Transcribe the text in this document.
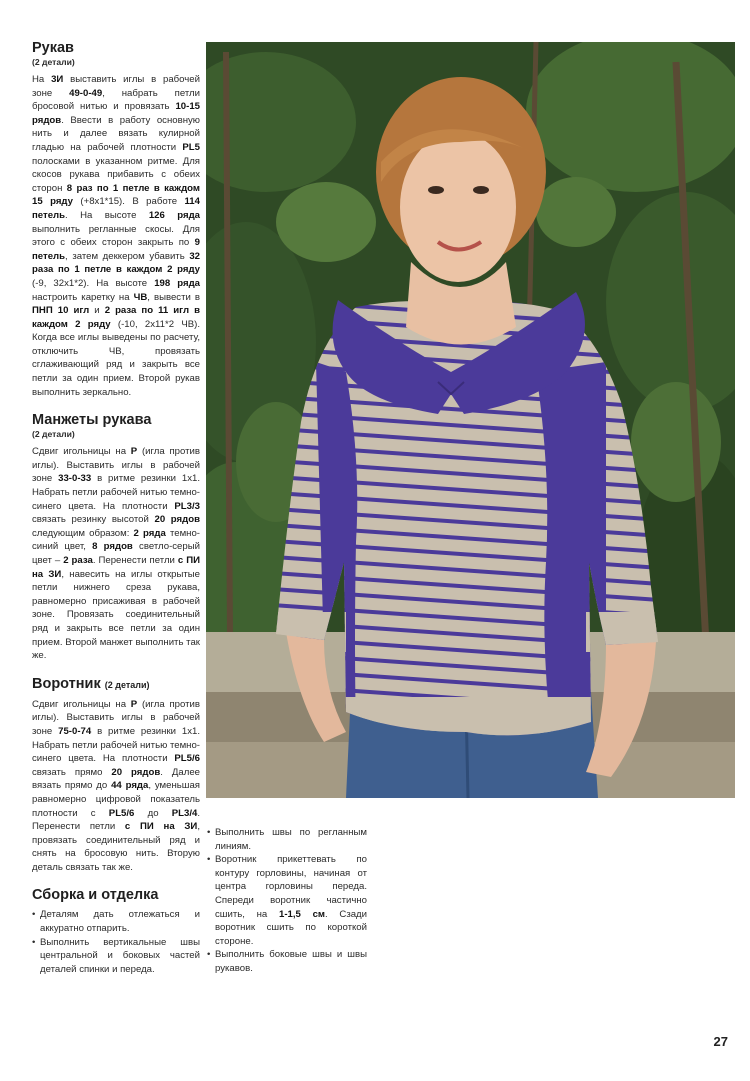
Рукав
(2 детали)

На 3И выставить иглы в рабочей зоне 49-0-49, набрать петли бросовой нитью и провязать 10-15 рядов. Ввести в работу основную нить и далее вязать кулирной гладью на рабочей плотности PL5 полосками в указанном ритме. Для скосов рукава прибавить с обеих сторон 8 раз по 1 петле в каждом 15 ряду (+8х1*15). В работе 114 петель. На высоте 126 ряда выполнить регланные скосы. Для этого с обеих сторон закрыть по 9 петель, затем деккером убавить 32 раза по 1 петле в каждом 2 ряду (-9, 32х1*2). На высоте 198 ряда настроить каретку на ЧВ, вывести в ПНП 10 игл и 2 раза по 11 игл в каждом 2 ряду (-10, 2х11*2 ЧВ). Когда все иглы выведены по расчету, отключить ЧВ, провязать сглаживающий ряд и закрыть все петли за один прием. Второй рукав выполнить зеркально.

Манжеты рукава
(2 детали)

Сдвиг игольницы на Р (игла против иглы). Выставить иглы в рабочей зоне 33-0-33 в ритме резинки 1х1. Набрать петли рабочей нитью темно-синего цвета. На плотности PL3/3 связать резинку высотой 20 рядов следующим образом: 2 ряда темно-синий цвет, 8 рядов светло-серый цвет – 2 раза. Перенести петли с ПИ на ЗИ, навесить на иглы открытые петли нижнего среза рукава, равномерно присаживая в рабочей зоне. Провязать соединительный ряд и закрыть все петли за один прием. Второй манжет выполнить так же.

Воротник (2 детали)

Сдвиг игольницы на Р (игла против иглы). Выставить иглы в рабочей зоне 75-0-74 в ритме резинки 1х1. Набрать петли рабочей нитью темно-синего цвета. На плотности PL5/6 связать прямо 20 рядов. Далее вязать прямо до 44 ряда, уменьшая равномерно цифровой показатель плотности с PL5/6 до PL3/4. Перенести петли с ПИ на ЗИ, провязать соединительный ряд и снять на бросовую нить. Вторую деталь связать так же.

Сборка и отделка
• Деталям дать отлежаться и аккуратно отпарить.
• Выполнить вертикальные швы центральной и боковых частей деталей спинки и переда.
• Выполнить швы по регланным линиям.
• Воротник прикеттевать по контуру горловины, начиная от центра горловины переда. Спереди воротник частично сшить, на 1-1,5 см. Сзади воротник сшить по короткой стороне.
• Выполнить боковые швы и швы рукавов.
27
